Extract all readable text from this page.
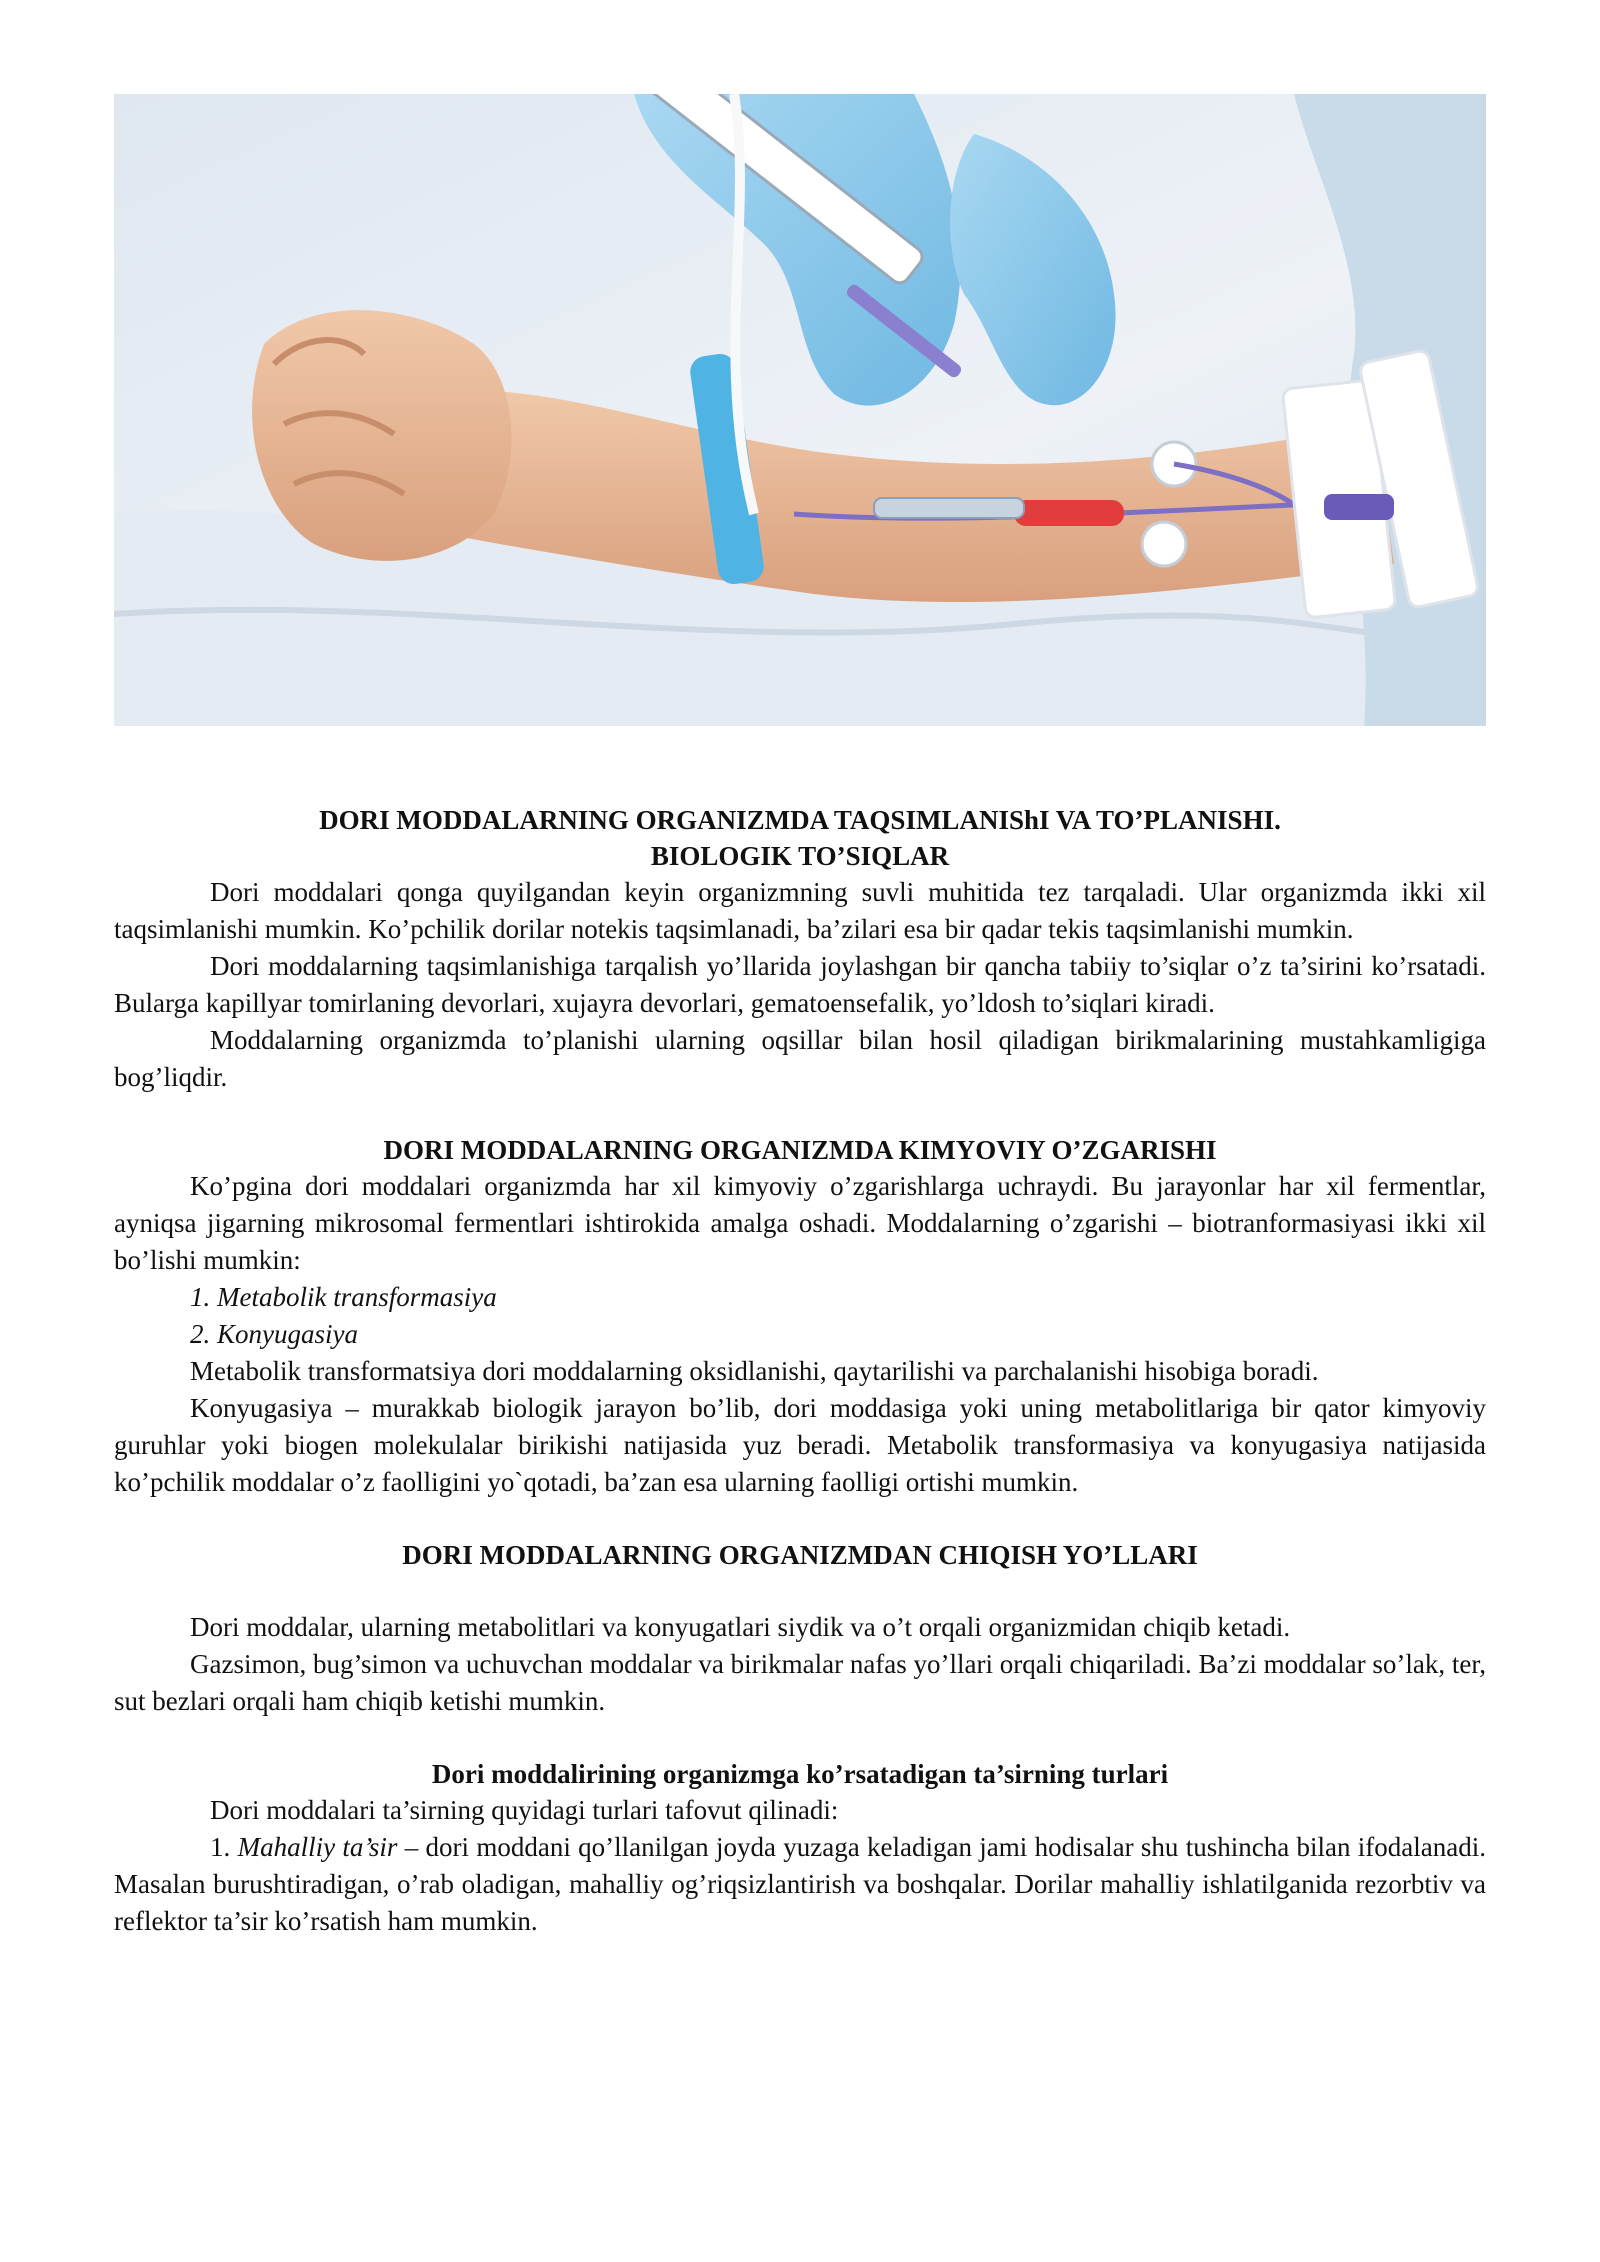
DORI MODDALARNING ORGANIZMDA TAQSIMLANIShI VA TO’PLANISHI.
BIOLOGIK TO’SIQLAR

Dori moddalari qonga quyilgandan keyin organizmning suvli muhitida tez tarqaladi. Ular organizmda ikki xil taqsimlanishi mumkin. Ko’pchilik dorilar notekis taqsimlanadi, ba’zilari esa bir qadar tekis taqsimlanishi mumkin.

Dori moddalarning taqsimlanishiga tarqalish yo’llarida joylashgan bir qancha tabiiy to’siqlar o’z ta’sirini ko’rsatadi. Bularga kapillyar tomirlaning devorlari, xujayra devorlari, gematoensefalik, yo’ldosh to’siqlari kiradi.

Moddalarning organizmda to’planishi ularning oqsillar bilan hosil qiladigan birikmalarining mustahkamligiga bog’liqdir.

DORI MODDALARNING ORGANIZMDA KIMYOVIY O’ZGARISHI

Ko’pgina dori moddalari organizmda har xil kimyoviy o’zgarishlarga uchraydi. Bu jarayonlar har xil fermentlar, ayniqsa jigarning mikrosomal fermentlari ishtirokida amalga oshadi. Moddalarning o’zgarishi – biotranformasiyasi ikki xil bo’lishi mumkin:

1. Metabolik transformasiya

2. Konyugasiya

Metabolik transformatsiya dori moddalarning oksidlanishi, qaytarilishi va parchalanishi hisobiga boradi.

Konyugasiya – murakkab biologik jarayon bo’lib, dori moddasiga yoki uning metabolitlariga bir qator kimyoviy guruhlar yoki biogen molekulalar birikishi natijasida yuz beradi. Metabolik transformasiya va konyugasiya natijasida ko’pchilik moddalar o’z faolligini yo`qotadi, ba’zan esa ularning faolligi ortishi mumkin.

DORI MODDALARNING ORGANIZMDAN CHIQISH YO’LLARI

Dori moddalar, ularning metabolitlari va konyugatlari siydik va o’t orqali organizmidan chiqib ketadi.

Gazsimon, bug’simon va uchuvchan moddalar va birikmalar nafas yo’llari orqali chiqariladi. Ba’zi moddalar so’lak, ter, sut bezlari orqali ham chiqib ketishi mumkin.

Dori moddalirining organizmga ko’rsatadigan ta’sirning turlari

Dori moddalari ta’sirning quyidagi turlari tafovut qilinadi:

1. Mahalliy ta’sir – dori moddani qo’llanilgan joyda yuzaga keladigan jami hodisalar shu tushincha bilan ifodalanadi. Masalan burushtiradigan, o’rab oladigan, mahalliy og’riqsizlantirish va boshqalar. Dorilar mahalliy ishlatilganida rezorbtiv va reflektor ta’sir ko’rsatish ham mumkin.
